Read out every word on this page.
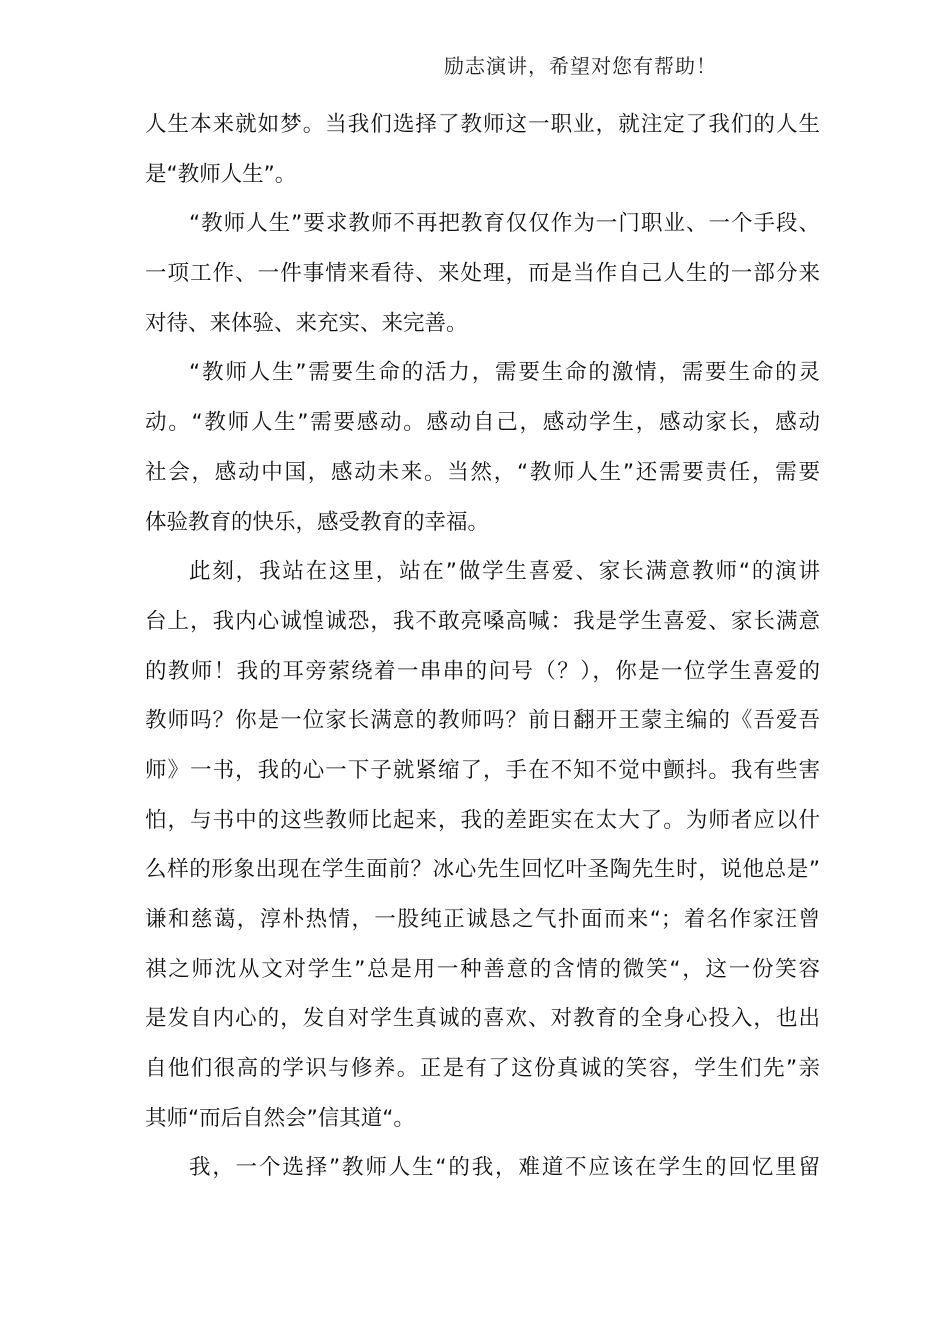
励志演讲，希望对您有帮助！
人生本来就如梦。当我们选择了教师这一职业，就注定了我们的人生
是“教师人生”。
“教师人生”要求教师不再把教育仅仅作为一门职业、一个手段、
一项工作、一件事情来看待、来处理，而是当作自己人生的一部分来
对待、来体验、来充实、来完善。
“教师人生”需要生命的活力，需要生命的激情，需要生命的灵
动。“教师人生”需要感动。感动自己，感动学生，感动家长，感动
社会，感动中国，感动未来。当然，“教师人生”还需要责任，需要
体验教育的快乐，感受教育的幸福。
此刻，我站在这里，站在”做学生喜爱、家长满意教师“的演讲
台上，我内心诚惶诚恐，我不敢亮嗓高喊：我是学生喜爱、家长满意
的教师！我的耳旁萦绕着一串串的问号（？），你是一位学生喜爱的
教师吗？你是一位家长满意的教师吗？前日翻开王蒙主编的《吾爱吾
师》一书，我的心一下子就紧缩了，手在不知不觉中颤抖。我有些害
怕，与书中的这些教师比起来，我的差距实在太大了。为师者应以什
么样的形象出现在学生面前？冰心先生回忆叶圣陶先生时，说他总是”
谦和慈蔼，淳朴热情，一股纯正诚恳之气扑面而来“；着名作家汪曾
祺之师沈从文对学生”总是用一种善意的含情的微笑“，这一份笑容
是发自内心的，发自对学生真诚的喜欢、对教育的全身心投入，也出
自他们很高的学识与修养。正是有了这份真诚的笑容，学生们先”亲
其师“而后自然会”信其道“。
我，一个选择”教师人生“的我，难道不应该在学生的回忆里留
